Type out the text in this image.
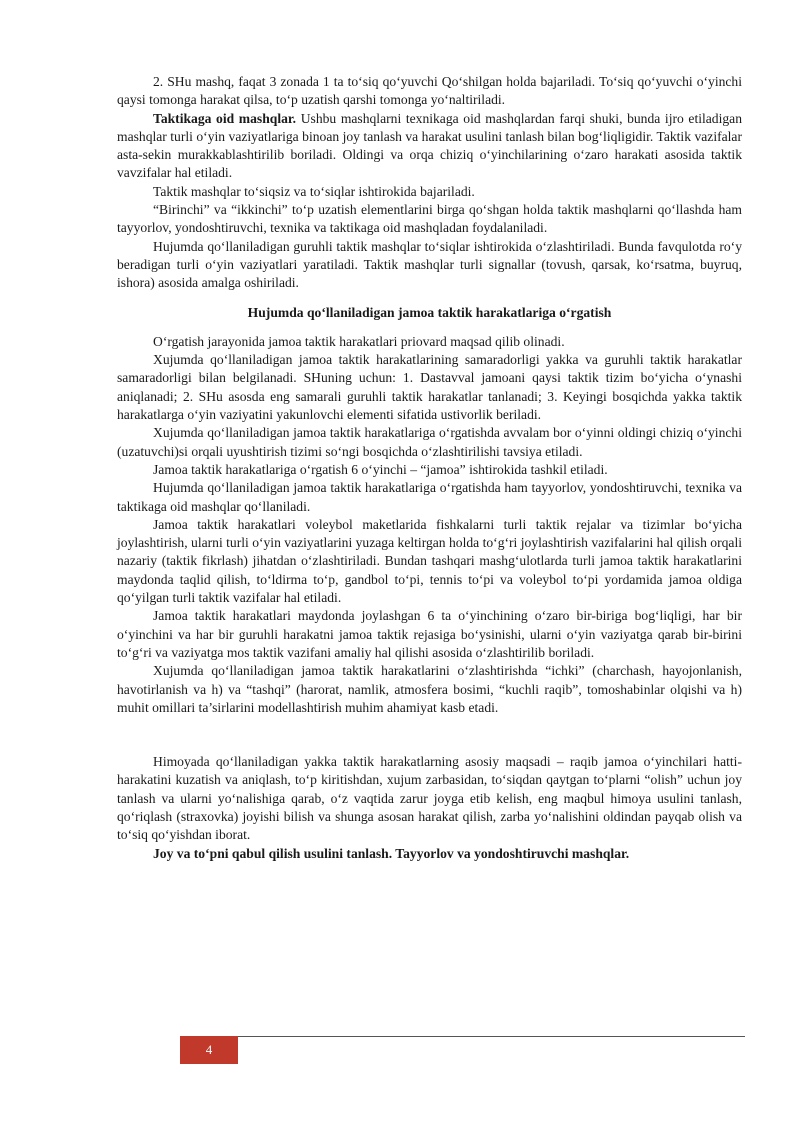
2. SHu mashq, faqat 3 zonada 1 ta to‘siq qo‘yuvchi Qo‘shilgan holda bajariladi. To‘siq qo‘yuvchi o‘yinchi qaysi tomonga harakat qilsa, to‘p uzatish qarshi tomonga yo‘naltiriladi.

Taktikaga oid mashqlar. Ushbu mashqlarni texnikaga oid mashqlardan farqi shuki, bunda ijro etiladigan mashqlar turli o‘yin vaziyatlariga binoan joy tanlash va harakat usulini tanlash bilan bog‘liqligidir. Taktik vazifalar asta-sekin murakkablashtirilib boriladi. Oldingi va orqa chiziq o‘yinchilarining o‘zaro harakati asosida taktik vavzifalar hal etiladi.

Taktik mashqlar to‘siqsiz va to‘siqlar ishtirokida bajariladi.

“Birinchi” va “ikkinchi” to‘p uzatish elementlarini birga qo‘shgan holda taktik mashqlarni qo‘llashda ham tayyorlov, yondoshtiruvchi, texnika va taktikaga oid mashqladan foydalaniladi.

Hujumda qo‘llaniladigan guruhli taktik mashqlar to‘siqlar ishtirokida o‘zlashtiriladi. Bunda favqulotda ro‘y beradigan turli o‘yin vaziyatlari yaratiladi. Taktik mashqlar turli signallar (tovush, qarsak, ko‘rsatma, buyruq, ishora) asosida amalga oshiriladi.

Hujumda qo‘llaniladigan jamoa taktik harakatlariga o‘rgatish

O‘rgatish jarayonida jamoa taktik harakatlari priovard maqsad qilib olinadi.

Xujumda qo‘llaniladigan jamoa taktik harakatlarining samaradorligi yakka va guruhli taktik harakatlar samaradorligi bilan belgilanadi. SHuning uchun: 1. Dastavval jamoani qaysi taktik tizim bo‘yicha o‘ynashi aniqlanadi; 2. SHu asosda eng samarali guruhli taktik harakatlar tanlanadi; 3. Keyingi bosqichda yakka taktik harakatlarga o‘yin vaziyatini yakunlovchi elementi sifatida ustivorlik beriladi.

Xujumda qo‘llaniladigan jamoa taktik harakatlariga o‘rgatishda avvalam bor o‘yinni oldingi chiziq o‘yinchi (uzatuvchi)si orqali uyushtirish tizimi so‘ngi bosqichda o‘zlashtirilishi tavsiya etiladi.

Jamoa taktik harakatlariga o‘rgatish 6 o‘yinchi – “jamoa” ishtirokida tashkil etiladi.

Hujumda qo‘llaniladigan jamoa taktik harakatlariga o‘rgatishda ham tayyorlov, yondoshtiruvchi, texnika va taktikaga oid mashqlar qo‘llaniladi.

Jamoa taktik harakatlari voleybol maketlarida fishkalarni turli taktik rejalar va tizimlar bo‘yicha joylashtirish, ularni turli o‘yin vaziyatlarini yuzaga keltirgan holda to‘g‘ri joylashtirish vazifalarini hal qilish orqali nazariy (taktik fikrlash) jihatdan o‘zlashtiriladi. Bundan tashqari mashg‘ulotlarda turli jamoa taktik harakatlarini maydonda taqlid qilish, to‘ldirma to‘p, gandbol to‘pi, tennis to‘pi va voleybol to‘pi yordamida jamoa oldiga qo‘yilgan turli taktik vazifalar hal etiladi.

Jamoa taktik harakatlari maydonda joylashgan 6 ta o‘yinchining o‘zaro bir-biriga bog‘liqligi, har bir o‘yinchini va har bir guruhli harakatni jamoa taktik rejasiga bo‘ysinishi, ularni o‘yin vaziyatga qarab bir-birini to‘g‘ri va vaziyatga mos taktik vazifani amaliy hal qilishi asosida o‘zlashtirilib boriladi.

Xujumda qo‘llaniladigan jamoa taktik harakatlarini o‘zlashtirishda “ichki” (charchash, hayojonlanish, havotirlanish va h) va “tashqi” (harorat, namlik, atmosfera bosimi, “kuchli raqib”, tomoshabinlar olqishi va h) muhit omillari ta’sirlarini modellashtirish muhim ahamiyat kasb etadi.

Himoyada qo‘llaniladigan yakka taktik harakatlarning asosiy maqsadi – raqib jamoa o‘yinchilari hatti-harakatini kuzatish va aniqlash, to‘p kiritishdan, xujum zarbasidan, to‘siqdan qaytgan to‘plarni “olish” uchun joy tanlash va ularni yo‘nalishiga qarab, o‘z vaqtida zarur joyga etib kelish, eng maqbul himoya usulini tanlash, qo‘riqlash (straxovka) joyishi bilish va shunga asosan harakat qilish, zarba yo‘nalishini oldindan payqab olish va to‘siq qo‘yishdan iborat.

Joy va to‘pni qabul qilish usulini tanlash. Tayyorlov va yondoshtiruvchi mashqlar.

4
